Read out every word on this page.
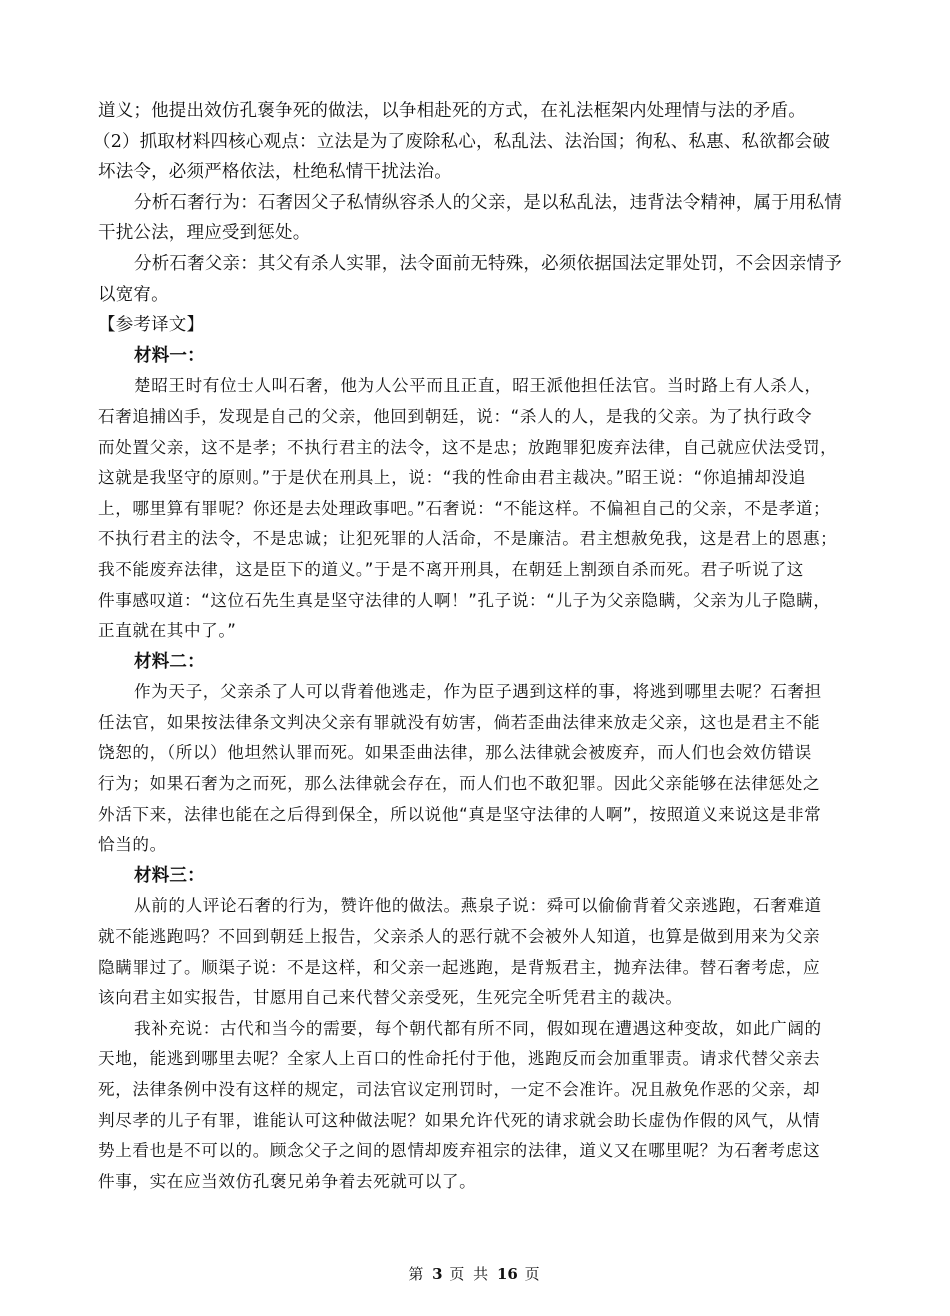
道义；他提出效仿孔褒争死的做法，以争相赴死的方式，在礼法框架内处理情与法的矛盾。
（2）抓取材料四核心观点：立法是为了废除私心，私乱法、法治国；徇私、私惠、私欲都会破
坏法令，必须严格依法，杜绝私情干扰法治。
分析石奢行为：石奢因父子私情纵容杀人的父亲，是以私乱法，违背法令精神，属于用私情
干扰公法，理应受到惩处。
分析石奢父亲：其父有杀人实罪，法令面前无特殊，必须依据国法定罪处罚，不会因亲情予
以宽宥。
【参考译文】
材料一：
楚昭王时有位士人叫石奢，他为人公平而且正直，昭王派他担任法官。当时路上有人杀人，
石奢追捕凶手，发现是自己的父亲，他回到朝廷，说：“杀人的人，是我的父亲。为了执行政令
而处置父亲，这不是孝；不执行君主的法令，这不是忠；放跑罪犯废弃法律，自己就应伏法受罚，
这就是我坚守的原则。”于是伏在刑具上，说：“我的性命由君主裁决。”昭王说：“你追捕却没追
上，哪里算有罪呢？你还是去处理政事吧。”石奢说：“不能这样。不偏袒自己的父亲，不是孝道；
不执行君主的法令，不是忠诚；让犯死罪的人活命，不是廉洁。君主想赦免我，这是君上的恩惠；
我不能废弃法律，这是臣下的道义。”于是不离开刑具，在朝廷上割颈自杀而死。君子听说了这
件事感叹道：“这位石先生真是坚守法律的人啊！”孔子说：“儿子为父亲隐瞒，父亲为儿子隐瞒，
正直就在其中了。”
材料二：
作为天子，父亲杀了人可以背着他逃走，作为臣子遇到这样的事，将逃到哪里去呢？石奢担
任法官，如果按法律条文判决父亲有罪就没有妨害，倘若歪曲法律来放走父亲，这也是君主不能
饶恕的，（所以）他坦然认罪而死。如果歪曲法律，那么法律就会被废弃，而人们也会效仿错误
行为；如果石奢为之而死，那么法律就会存在，而人们也不敢犯罪。因此父亲能够在法律惩处之
外活下来，法律也能在之后得到保全，所以说他“真是坚守法律的人啊”，按照道义来说这是非常
恰当的。
材料三：
从前的人评论石奢的行为，赞许他的做法。燕泉子说：舜可以偷偷背着父亲逃跑，石奢难道
就不能逃跑吗？不回到朝廷上报告，父亲杀人的恶行就不会被外人知道，也算是做到用来为父亲
隐瞒罪过了。顺渠子说：不是这样，和父亲一起逃跑，是背叛君主，抛弃法律。替石奢考虑，应
该向君主如实报告，甘愿用自己来代替父亲受死，生死完全听凭君主的裁决。
我补充说：古代和当今的需要，每个朝代都有所不同，假如现在遭遇这种变故，如此广阔的
天地，能逃到哪里去呢？全家人上百口的性命托付于他，逃跑反而会加重罪责。请求代替父亲去
死，法律条例中没有这样的规定，司法官议定刑罚时，一定不会准许。况且赦免作恶的父亲，却
判尽孝的儿子有罪，谁能认可这种做法呢？如果允许代死的请求就会助长虚伪作假的风气，从情
势上看也是不可以的。顾念父子之间的恩情却废弃祖宗的法律，道义又在哪里呢？为石奢考虑这
件事，实在应当效仿孔褒兄弟争着去死就可以了。
第 3 页 共 16 页
